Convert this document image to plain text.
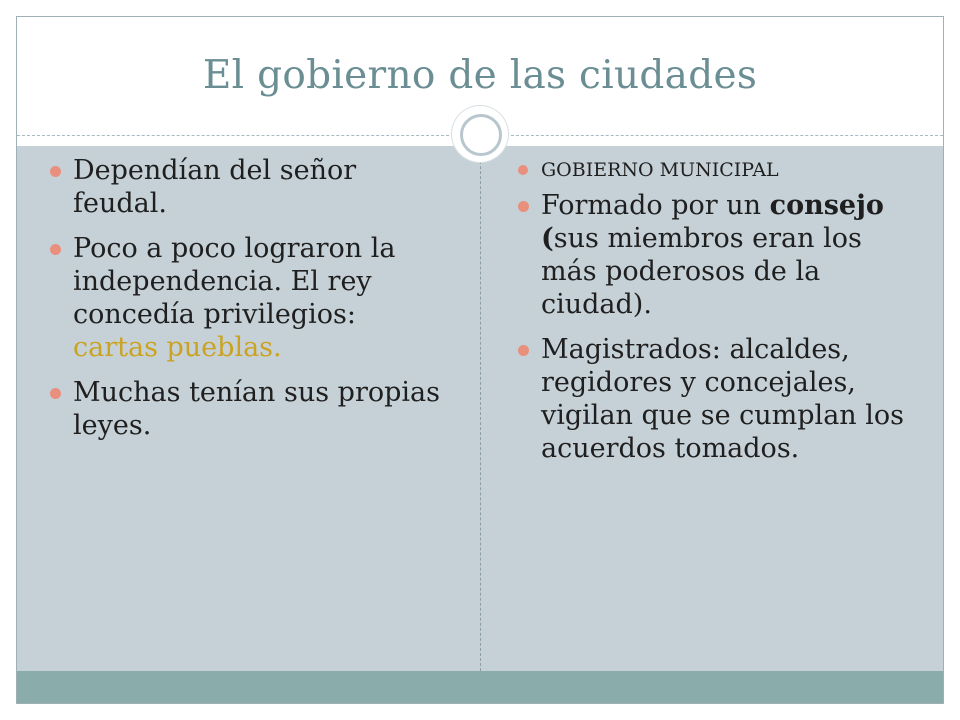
El gobierno de las ciudades
Dependían del señor feudal.
Poco a poco lograron la independencia. El rey concedía privilegios: cartas pueblas.
Muchas tenían sus propias leyes.
GOBIERNO MUNICIPAL
Formado por un consejo (sus miembros eran los más poderosos de la ciudad).
Magistrados: alcaldes, regidores y concejales, vigilan que se cumplan los acuerdos tomados.
